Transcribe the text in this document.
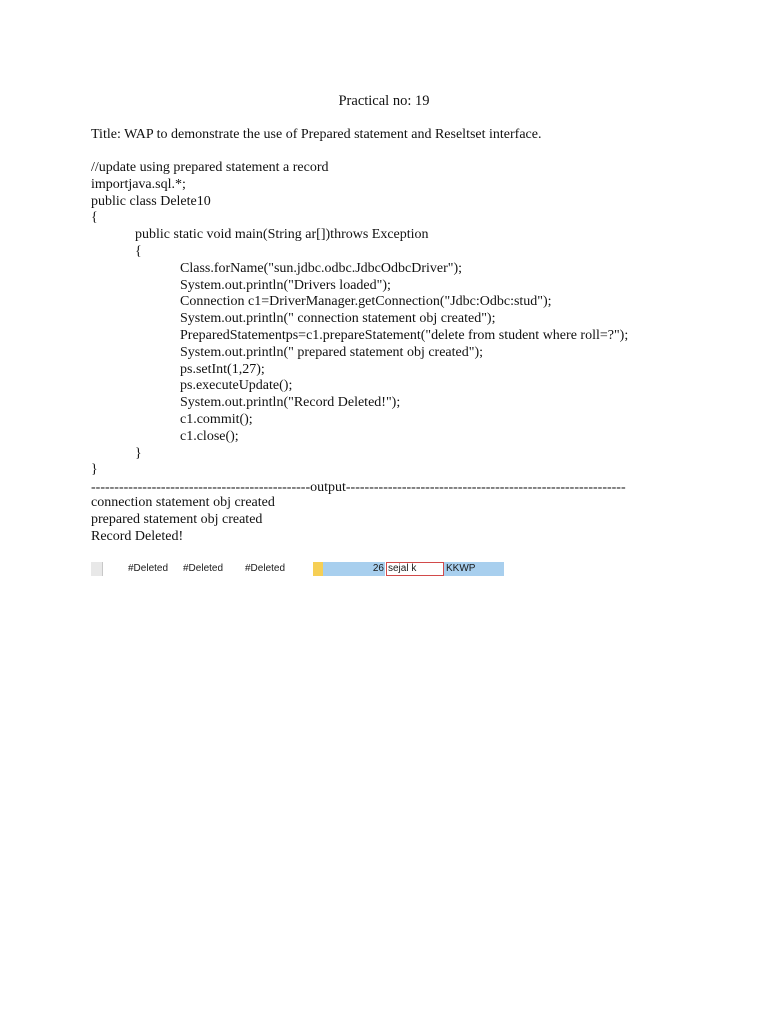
Practical no: 19
Title: WAP to demonstrate the use of Prepared statement and Reseltset interface.
//update using prepared statement a record
importjava.sql.*;
public class Delete10
{
public static void main(String ar[])throws Exception
{
Class.forName("sun.jdbc.odbc.JdbcOdbcDriver");
System.out.println("Drivers loaded");
Connection c1=DriverManager.getConnection("Jdbc:Odbc:stud");
System.out.println(" connection statement obj created");
PreparedStatementps=c1.prepareStatement("delete from student where roll=?");
System.out.println(" prepared statement obj created");
ps.setInt(1,27);
ps.executeUpdate();
System.out.println("Record Deleted!");
c1.commit();
c1.close();
}
}
-----------------------------------------------output------------------------------------------------------------
connection statement obj created
prepared statement obj created
Record Deleted!
#Deleted	#Deleted	#Deleted	26 sejal k	KKWP
